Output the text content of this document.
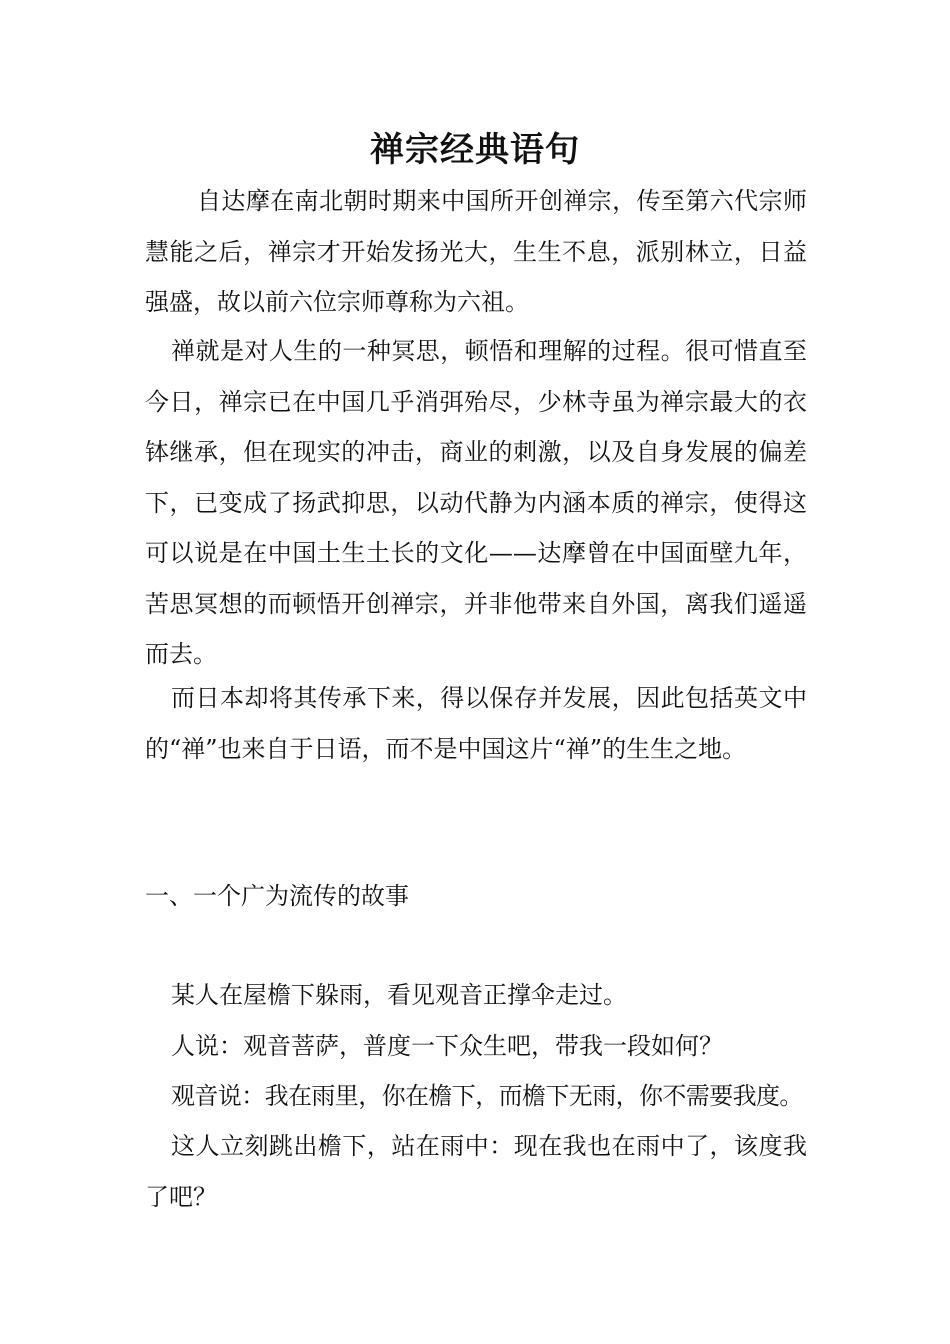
禅宗经典语句
自达摩在南北朝时期来中国所开创禅宗，传至第六代宗师慧能之后，禅宗才开始发扬光大，生生不息，派别林立，日益强盛，故以前六位宗师尊称为六祖。
禅就是对人生的一种冥思，顿悟和理解的过程。很可惜直至今日，禅宗已在中国几乎消弭殆尽，少林寺虽为禅宗最大的衣钵继承，但在现实的冲击，商业的刺激，以及自身发展的偏差下，已变成了扬武抑思，以动代静为内涵本质的禅宗，使得这可以说是在中国土生土长的文化——达摩曾在中国面壁九年，苦思冥想的而顿悟开创禅宗，并非他带来自外国，离我们遥遥而去。
而日本却将其传承下来，得以保存并发展，因此包括英文中的“禅”也来自于日语，而不是中国这片“禅”的生生之地。
一、一个广为流传的故事
某人在屋檐下躲雨，看见观音正撑伞走过。
人说：观音菩萨，普度一下众生吧，带我一段如何？
观音说：我在雨里，你在檐下，而檐下无雨，你不需要我度。
这人立刻跳出檐下，站在雨中：现在我也在雨中了，该度我了吧？
